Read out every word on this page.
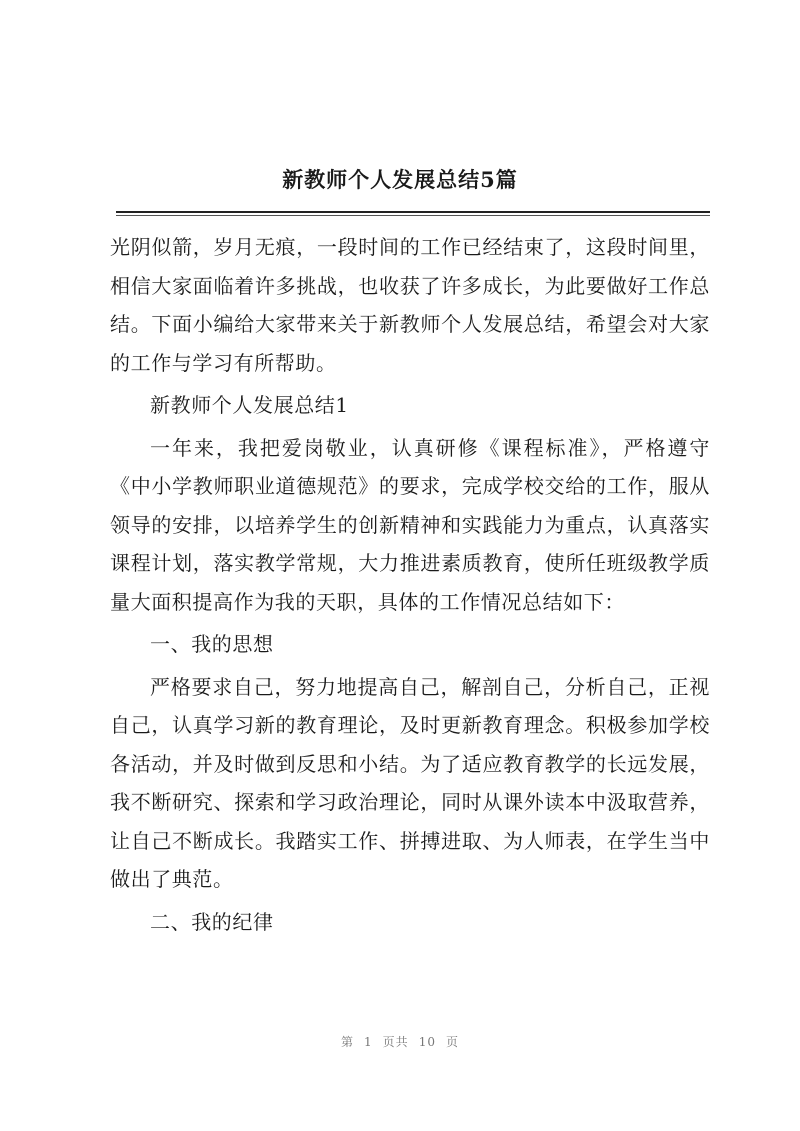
新教师个人发展总结5篇

光阴似箭，岁月无痕，一段时间的工作已经结束了，这段时间里，相信大家面临着许多挑战，也收获了许多成长，为此要做好工作总结。下面小编给大家带来关于新教师个人发展总结，希望会对大家的工作与学习有所帮助。

新教师个人发展总结1

一年来，我把爱岗敬业，认真研修《课程标准》，严格遵守《中小学教师职业道德规范》的要求，完成学校交给的工作，服从领导的安排，以培养学生的创新精神和实践能力为重点，认真落实课程计划，落实教学常规，大力推进素质教育，使所任班级教学质量大面积提高作为我的天职，具体的工作情况总结如下：

一、我的思想

严格要求自己，努力地提高自己，解剖自己，分析自己，正视自己，认真学习新的教育理论，及时更新教育理念。积极参加学校各活动，并及时做到反思和小结。为了适应教育教学的长远发展，我不断研究、探索和学习政治理论，同时从课外读本中汲取营养，让自己不断成长。我踏实工作、拼搏进取、为人师表，在学生当中做出了典范。

二、我的纪律

第 1 页共 10 页
